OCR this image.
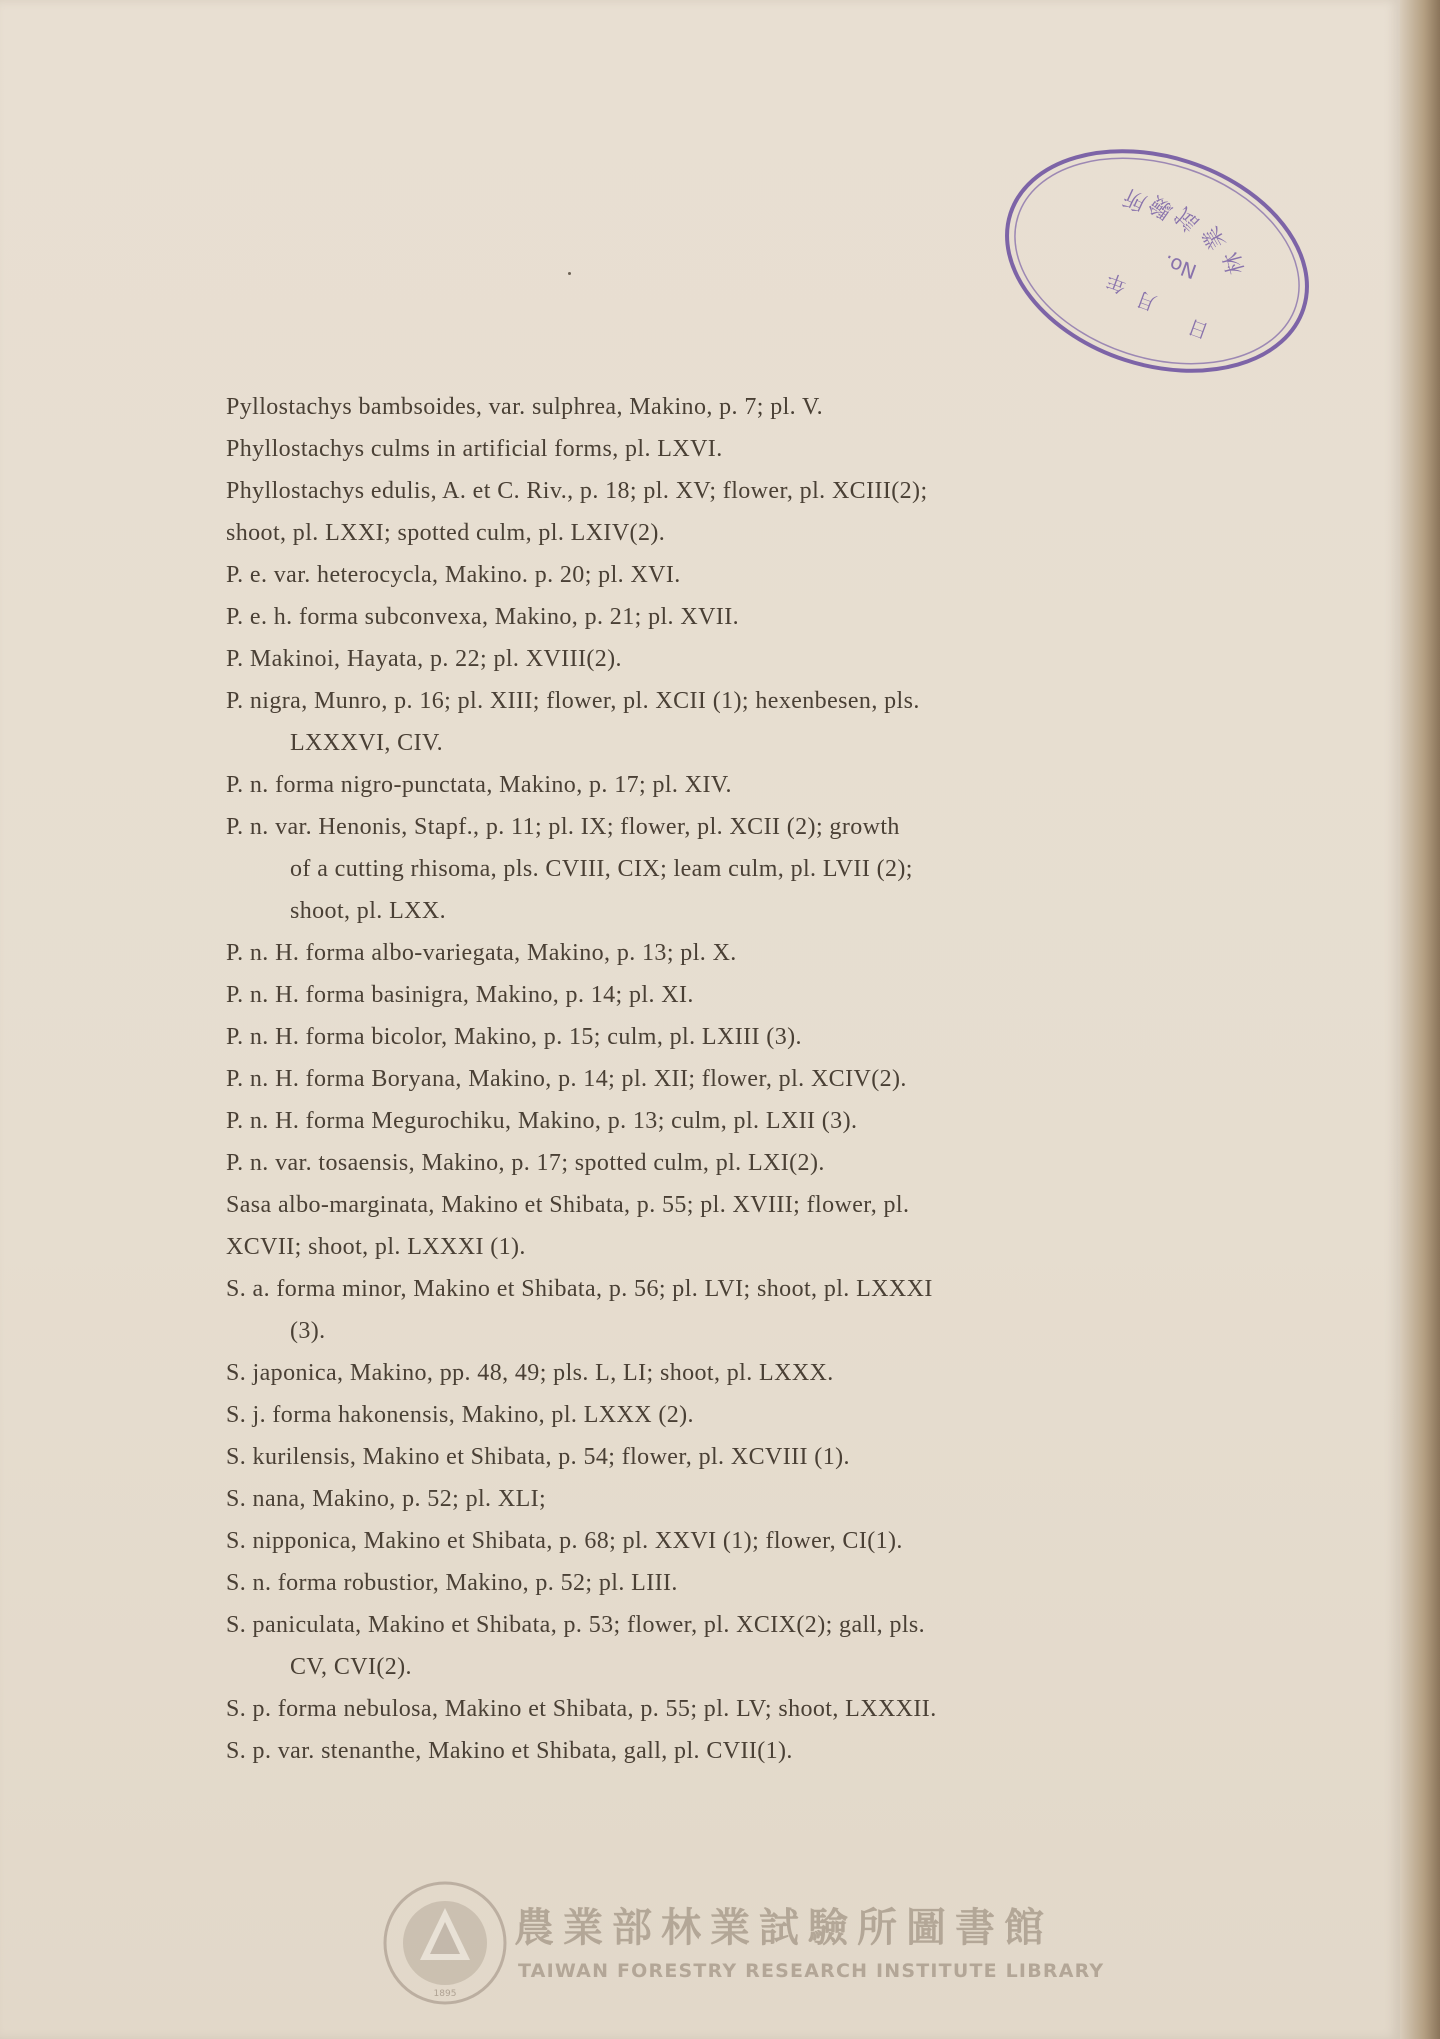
所
驗
試
業
林
No.
年
月
日
Pyllostachys bambsoides, var. sulphrea, Makino, p. 7; pl. V.
Phyllostachys culms in artificial forms, pl. LXVI.
Phyllostachys edulis, A. et C. Riv., p. 18; pl. XV; flower, pl. XCIII(2);
shoot, pl. LXXI; spotted culm, pl. LXIV(2).
P. e. var. heterocycla, Makino. p. 20; pl. XVI.
P. e. h. forma subconvexa, Makino, p. 21; pl. XVII.
P. Makinoi, Hayata, p. 22; pl. XVIII(2).
P. nigra, Munro, p. 16; pl. XIII; flower, pl. XCII (1); hexenbesen, pls.
LXXXVI, CIV.
P. n. forma nigro-punctata, Makino, p. 17; pl. XIV.
P. n. var. Henonis, Stapf., p. 11; pl. IX; flower, pl. XCII (2); growth
of a cutting rhisoma, pls. CVIII, CIX; leam culm, pl. LVII (2);
shoot, pl. LXX.
P. n. H. forma albo-variegata, Makino, p. 13; pl. X.
P. n. H. forma basinigra, Makino, p. 14; pl. XI.
P. n. H. forma bicolor, Makino, p. 15; culm, pl. LXIII (3).
P. n. H. forma Boryana, Makino, p. 14; pl. XII; flower, pl. XCIV(2).
P. n. H. forma Megurochiku, Makino, p. 13; culm, pl. LXII (3).
P. n. var. tosaensis, Makino, p. 17; spotted culm, pl. LXI(2).
Sasa albo-marginata, Makino et Shibata, p. 55; pl. XVIII; flower, pl.
XCVII; shoot, pl. LXXXI (1).
S. a. forma minor, Makino et Shibata, p. 56; pl. LVI; shoot, pl. LXXXI
(3).
S. japonica, Makino, pp. 48, 49; pls. L, LI; shoot, pl. LXXX.
S. j. forma hakonensis, Makino, pl. LXXX (2).
S. kurilensis, Makino et Shibata, p. 54; flower, pl. XCVIII (1).
S. nana, Makino, p. 52; pl. XLI;
S. nipponica, Makino et Shibata, p. 68; pl. XXVI (1); flower, CI(1).
S. n. forma robustior, Makino, p. 52; pl. LIII.
S. paniculata, Makino et Shibata, p. 53; flower, pl. XCIX(2); gall, pls.
CV, CVI(2).
S. p. forma nebulosa, Makino et Shibata, p. 55; pl. LV; shoot, LXXXII.
S. p. var. stenanthe, Makino et Shibata, gall, pl. CVII(1).
1895
農業部林業試驗所圖書館
TAIWAN FORESTRY RESEARCH INSTITUTE LIBRARY
